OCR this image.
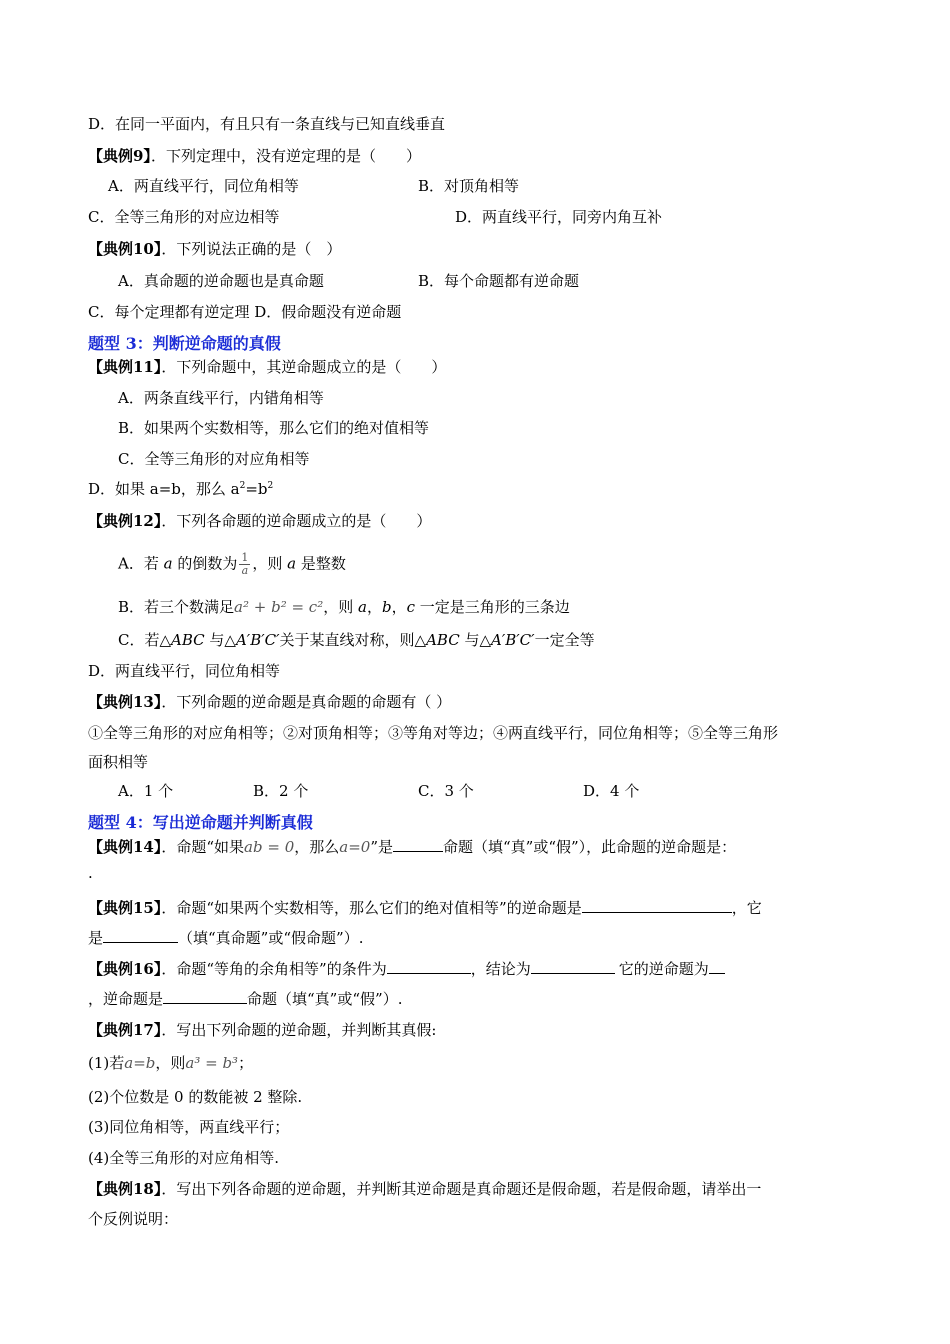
D．在同一平面内，有且只有一条直线与已知直线垂直
【典例9】．下列定理中，没有逆定理的是（　　）
A．两直线平行，同位角相等	B．对顶角相等
C．全等三角形的对应边相等	D．两直线平行，同旁内角互补
【典例10】．下列说法正确的是（　）
A．真命题的逆命题也是真命题	B．每个命题都有逆命题
C．每个定理都有逆定理 D．假命题没有逆命题
题型 3：判断逆命题的真假
【典例11】．下列命题中，其逆命题成立的是（　　）
A．两条直线平行，内错角相等
B．如果两个实数相等，那么它们的绝对值相等
C．全等三角形的对应角相等
D．如果 a=b，那么 $a^2=b^2$
【典例12】．下列各命题的逆命题成立的是（　　）
A．若 a 的倒数为 $\frac{1}{a}$ ，则 a 是整数
B．若三个数满足a² + b² = c²，则 a，b，c 一定是三角形的三条边
C．若△ABC 与△A′B′C′关于某直线对称，则△ABC 与△A′B′C′一定全等
D．两直线平行，同位角相等
【典例13】．下列命题的逆命题是真命题的命题有（ ）
①全等三角形的对应角相等；②对顶角相等；③等角对等边；④两直线平行，同位角相等；⑤全等三角形
面积相等
A．1 个	B．2 个	C．3 个	D．4 个
题型 4：写出逆命题并判断真假
【典例14】．命题“如果ab = 0，那么a=0”是	命题（填“真”或“假”），此命题的逆命题是：
.
【典例15】．命题“如果两个实数相等，那么它们的绝对值相等”的逆命题是	，它
是	（填“真命题”或“假命题”）.
【典例16】．命题“等角的余角相等”的条件为	，结论为	它的逆命题为
，逆命题是	命题（填“真”或“假”）.
【典例17】．写出下列命题的逆命题，并判断其真假:
(1)若a=b，则a³ = b³；
(2)个位数是 0 的数能被 2 整除.
(3)同位角相等，两直线平行；
(4)全等三角形的对应角相等.
【典例18】．写出下列各命题的逆命题，并判断其逆命题是真命题还是假命题，若是假命题，请举出一
个反例说明：
